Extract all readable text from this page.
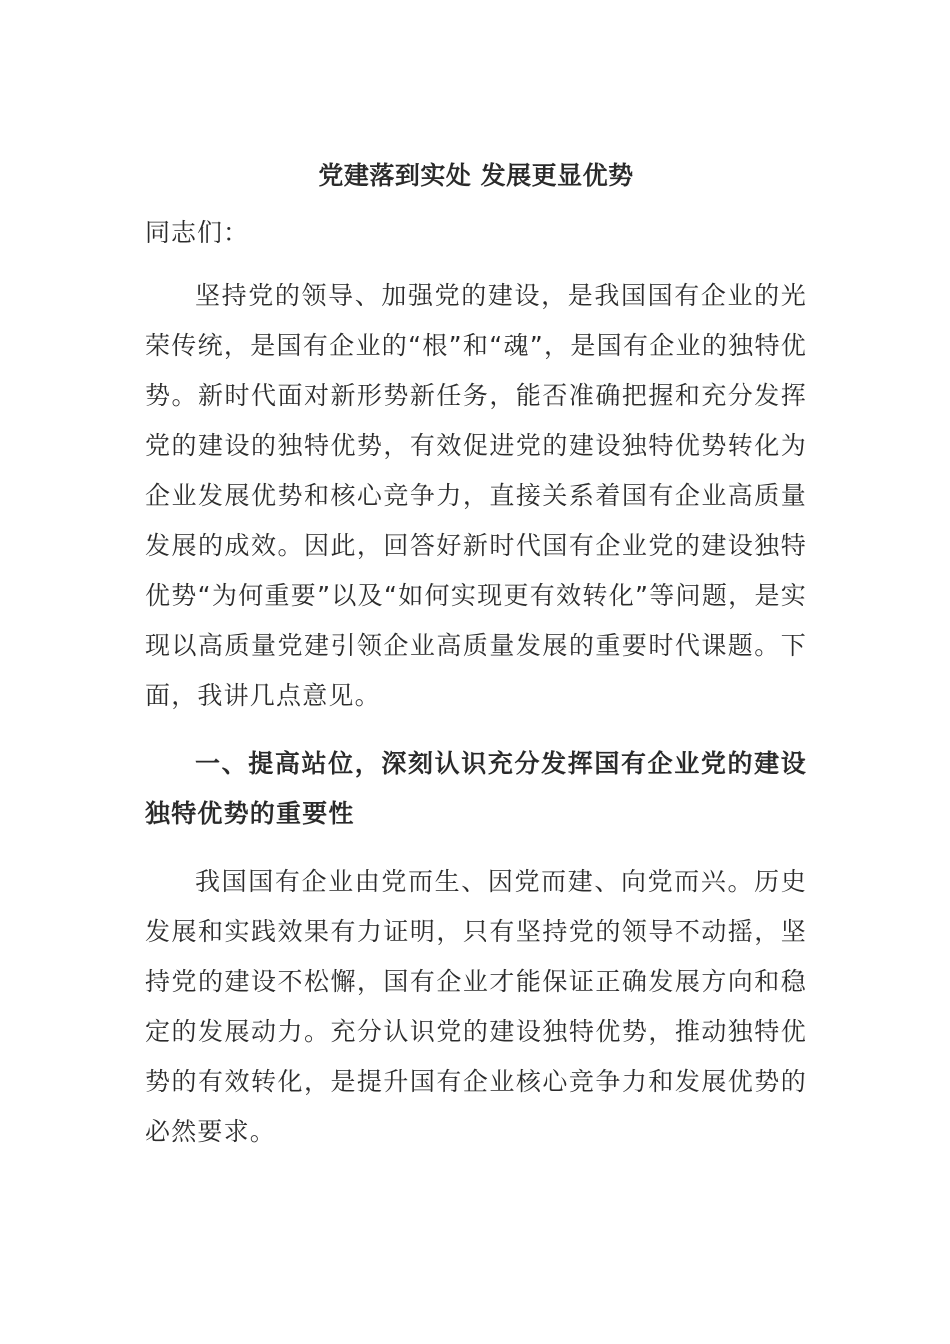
党建落到实处 发展更显优势

同志们：

坚持党的领导、加强党的建设，是我国国有企业的光荣传统，是国有企业的“根”和“魂”，是国有企业的独特优势。新时代面对新形势新任务，能否准确把握和充分发挥党的建设的独特优势，有效促进党的建设独特优势转化为企业发展优势和核心竞争力，直接关系着国有企业高质量发展的成效。因此，回答好新时代国有企业党的建设独特优势“为何重要”以及“如何实现更有效转化”等问题，是实现以高质量党建引领企业高质量发展的重要时代课题。下面，我讲几点意见。

一、提高站位，深刻认识充分发挥国有企业党的建设独特优势的重要性

我国国有企业由党而生、因党而建、向党而兴。历史发展和实践效果有力证明，只有坚持党的领导不动摇，坚持党的建设不松懈，国有企业才能保证正确发展方向和稳定的发展动力。充分认识党的建设独特优势，推动独特优势的有效转化，是提升国有企业核心竞争力和发展优势的必然要求。
